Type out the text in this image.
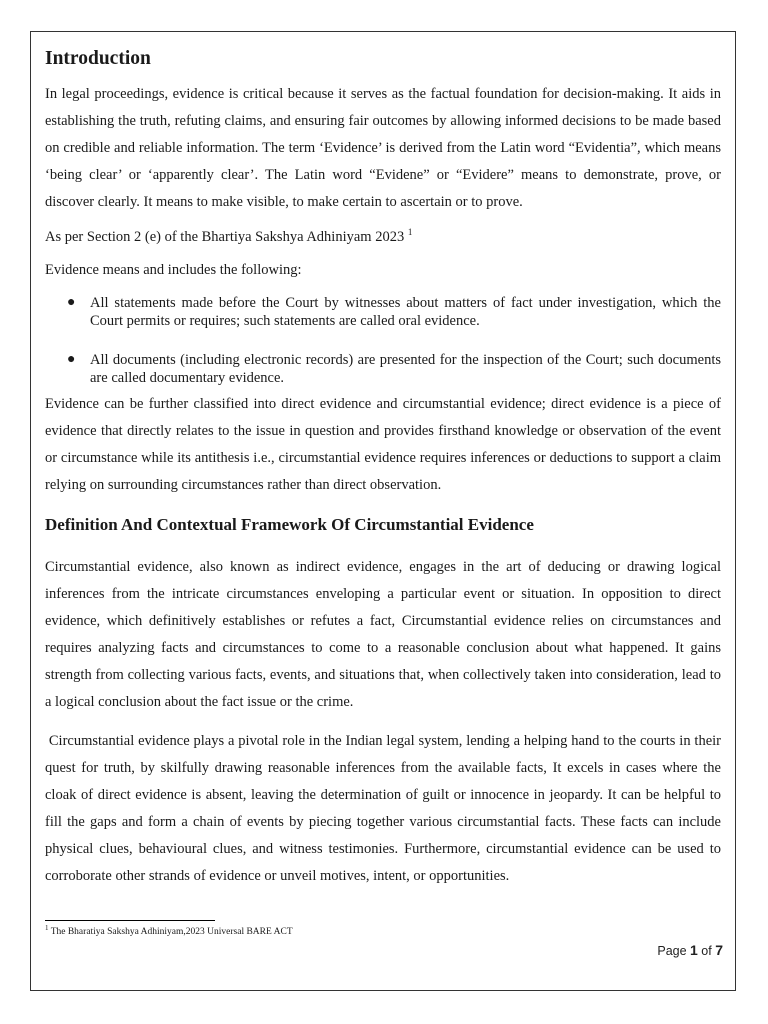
Introduction

In legal proceedings, evidence is critical because it serves as the factual foundation for decision-making. It aids in establishing the truth, refuting claims, and ensuring fair outcomes by allowing informed decisions to be made based on credible and reliable information. The term ‘Evidence’ is derived from the Latin word “Evidentia”, which means ‘being clear’ or ‘apparently clear’. The Latin word “Evidene” or “Evidere” means to demonstrate, prove, or discover clearly. It means to make visible, to make certain to ascertain or to prove.

As per Section 2 (e) of the Bhartiya Sakshya Adhiniyam 2023 $^1$

Evidence means and includes the following:

● All statements made before the Court by witnesses about matters of fact under investigation, which the Court permits or requires; such statements are called oral evidence.
● All documents (including electronic records) are presented for the inspection of the Court; such documents are called documentary evidence.

Evidence can be further classified into direct evidence and circumstantial evidence; direct evidence is a piece of evidence that directly relates to the issue in question and provides firsthand knowledge or observation of the event or circumstance while its antithesis i.e., circumstantial evidence requires inferences or deductions to support a claim relying on surrounding circumstances rather than direct observation.

Definition And Contextual Framework Of Circumstantial Evidence

Circumstantial evidence, also known as indirect evidence, engages in the art of deducing or drawing logical inferences from the intricate circumstances enveloping a particular event or situation. In opposition to direct evidence, which definitively establishes or refutes a fact, Circumstantial evidence relies on circumstances and requires analyzing facts and circumstances to come to a reasonable conclusion about what happened. It gains strength from collecting various facts, events, and situations that, when collectively taken into consideration, lead to a logical conclusion about the fact issue or the crime.

Circumstantial evidence plays a pivotal role in the Indian legal system, lending a helping hand to the courts in their quest for truth, by skilfully drawing reasonable inferences from the available facts, It excels in cases where the cloak of direct evidence is absent, leaving the determination of guilt or innocence in jeopardy. It can be helpful to fill the gaps and form a chain of events by piecing together various circumstantial facts. These facts can include physical clues, behavioural clues, and witness testimonies. Furthermore, circumstantial evidence can be used to corroborate other strands of evidence or unveil motives, intent, or opportunities.

$^1$ The Bharatiya Sakshya Adhiniyam,2023 Universal BARE ACT
Page 1 of 7
